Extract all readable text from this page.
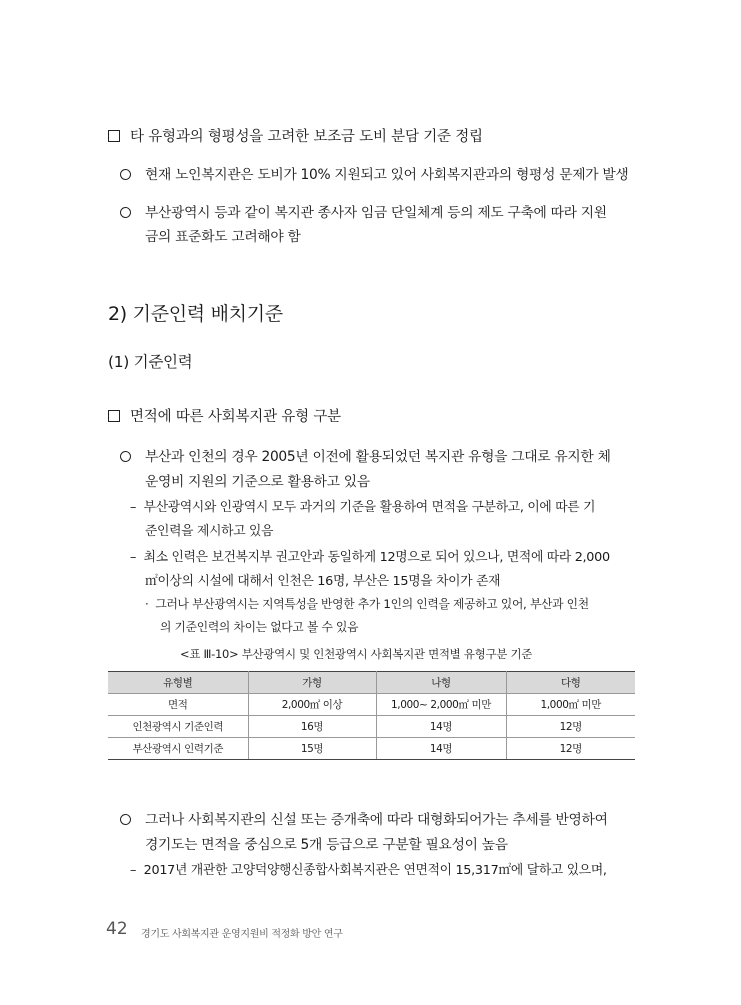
타 유형과의 형평성을 고려한 보조금 도비 분담 기준 정립
현재 노인복지관은 도비가 10% 지원되고 있어 사회복지관과의 형평성 문제가 발생
부산광역시 등과 같이 복지관 종사자 임금 단일체계 등의 제도 구축에 따라 지원
금의 표준화도 고려해야 함
2) 기준인력 배치기준
(1) 기준인력
면적에 따른 사회복지관 유형 구분
부산과 인천의 경우 2005년 이전에 활용되었던 복지관 유형을 그대로 유지한 체
운영비 지원의 기준으로 활용하고 있음
– 부산광역시와 인광역시 모두 과거의 기준을 활용하여 면적을 구분하고, 이에 따른 기
준인력을 제시하고 있음
– 최소 인력은 보건복지부 권고안과 동일하게 12명으로 되어 있으나, 면적에 따라 2,000
㎡이상의 시설에 대해서 인천은 16명, 부산은 15명을 차이가 존재
· 그러나 부산광역시는 지역특성을 반영한 추가 1인의 인력을 제공하고 있어, 부산과 인천
의 기준인력의 차이는 없다고 볼 수 있음
<표 Ⅲ-10> 부산광역시 및 인천광역시 사회복지관 면적별 유형구분 기준
유형별	가형	나형	다형
면적	2,000㎡ 이상	1,000~ 2,000㎡ 미만	1,000㎡ 미만
인천광역시 기준인력	16명	14명	12명
부산광역시 인력기준	15명	14명	12명
그러나 사회복지관의 신설 또는 증개축에 따라 대형화되어가는 추세를 반영하여
경기도는 면적을 중심으로 5개 등급으로 구분할 필요성이 높음
– 2017년 개관한 고양덕양행신종합사회복지관은 연면적이 15,317㎡에 달하고 있으며,
42 경기도 사회복지관 운영지원비 적정화 방안 연구
